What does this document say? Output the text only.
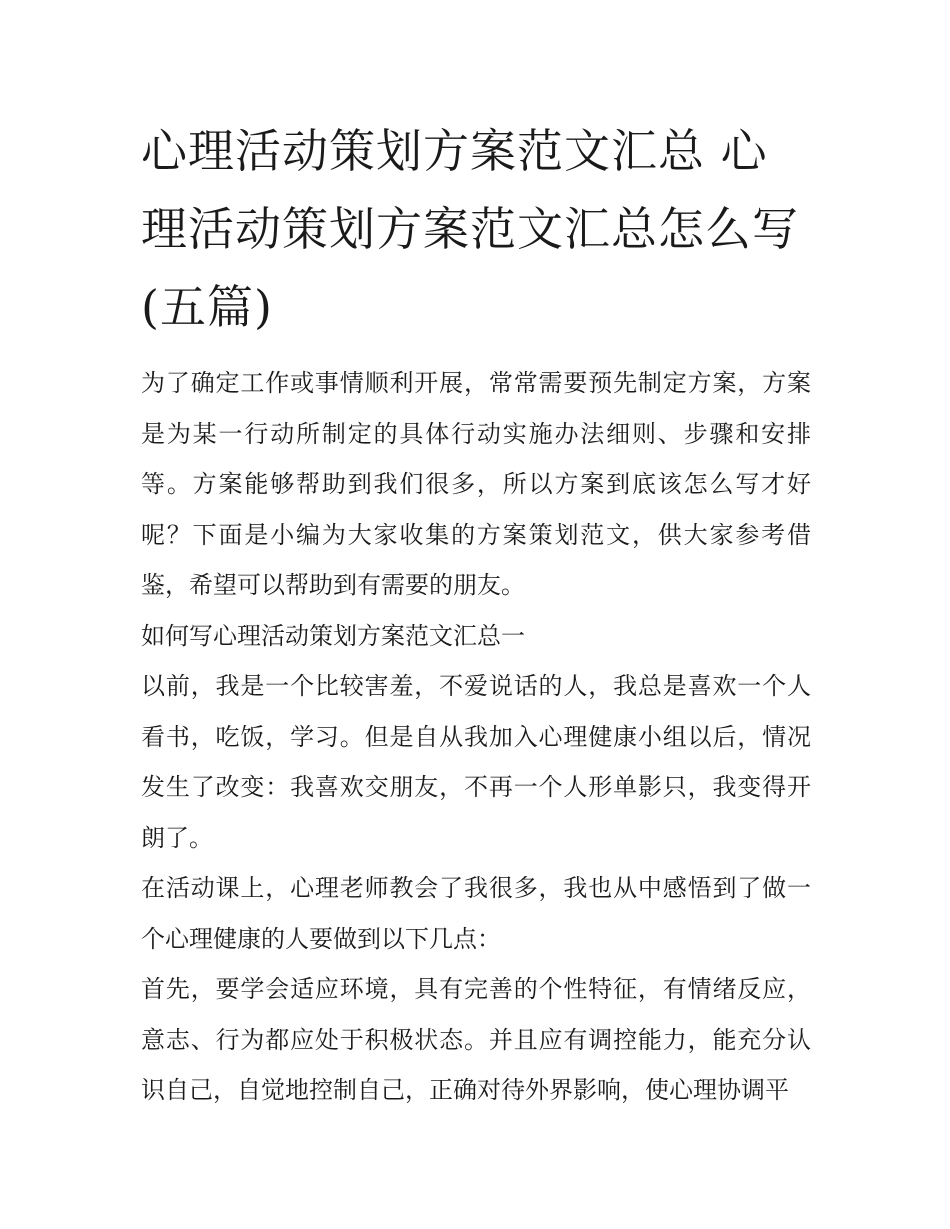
心理活动策划方案范文汇总 心理活动策划方案范文汇总怎么写(五篇)

为了确定工作或事情顺利开展，常常需要预先制定方案，方案是为某一行动所制定的具体行动实施办法细则、步骤和安排等。方案能够帮助到我们很多，所以方案到底该怎么写才好呢？下面是小编为大家收集的方案策划范文，供大家参考借鉴，希望可以帮助到有需要的朋友。

如何写心理活动策划方案范文汇总一

以前，我是一个比较害羞，不爱说话的人，我总是喜欢一个人看书，吃饭，学习。但是自从我加入心理健康小组以后，情况发生了改变：我喜欢交朋友，不再一个人形单影只，我变得开朗了。

在活动课上，心理老师教会了我很多，我也从中感悟到了做一个心理健康的人要做到以下几点：

首先，要学会适应环境，具有完善的个性特征，有情绪反应，意志、行为都应处于积极状态。并且应有调控能力，能充分认识自己，自觉地控制自己，正确对待外界影响，使心理协调平
